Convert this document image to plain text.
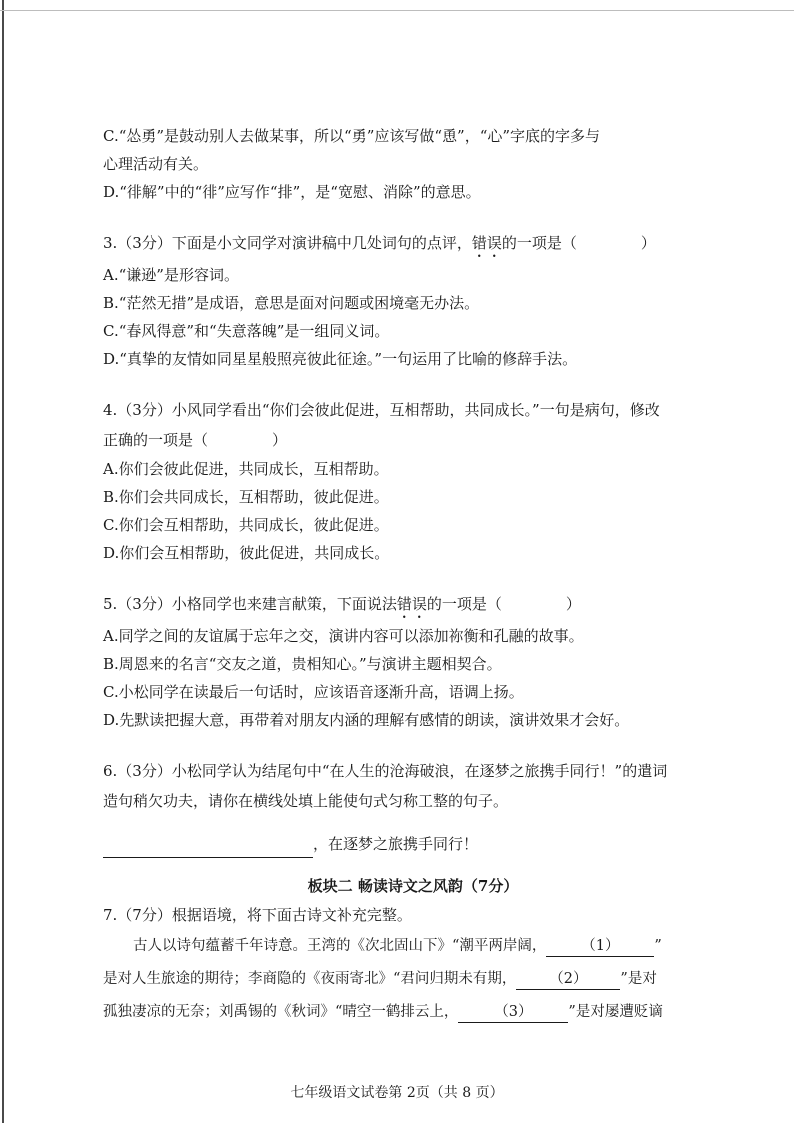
C.“怂勇”是鼓动别人去做某事，所以“勇”应该写做“恿”，“心”字底的字多与
心理活动有关。
D.“徘解”中的“徘”应写作“排”，是“宽慰、消除”的意思。
3.（3分）下面是小文同学对演讲稿中几处词句的点评，错误的一项是（	）
A.“谦逊”是形容词。
B.“茫然无措”是成语，意思是面对问题或困境毫无办法。
C.“春风得意”和“失意落魄”是一组同义词。
D.“真挚的友情如同星星般照亮彼此征途。”一句运用了比喻的修辞手法。
4.（3分）小风同学看出“你们会彼此促进，互相帮助，共同成长。”一句是病句，修改
正确的一项是（	）
A.你们会彼此促进，共同成长，互相帮助。
B.你们会共同成长，互相帮助，彼此促进。
C.你们会互相帮助，共同成长，彼此促进。
D.你们会互相帮助，彼此促进，共同成长。
5.（3分）小格同学也来建言献策，下面说法错误的一项是（	）
A.同学之间的友谊属于忘年之交，演讲内容可以添加祢衡和孔融的故事。
B.周恩来的名言“交友之道，贵相知心。”与演讲主题相契合。
C.小松同学在读最后一句话时，应该语音逐渐升高，语调上扬。
D.先默读把握大意，再带着对朋友内涵的理解有感情的朗读，演讲效果才会好。
6.（3分）小松同学认为结尾句中“在人生的沧海破浪，在逐梦之旅携手同行！”的遣词
造句稍欠功夫，请你在横线处填上能使句式匀称工整的句子。
，在逐梦之旅携手同行！
板块二 畅读诗文之风韵（7分）
7.（7分）根据语境，将下面古诗文补充完整。
古人以诗句蕴蓄千年诗意。王湾的《次北固山下》“潮平两岸阔， （1） ”
是对人生旅途的期待；李商隐的《夜雨寄北》“君问归期未有期， （2） ”是对
孤独凄凉的无奈；刘禹锡的《秋词》“晴空一鹤排云上， （3） ”是对屡遭贬谪
七年级语文试卷第 2页（共 8 页）
